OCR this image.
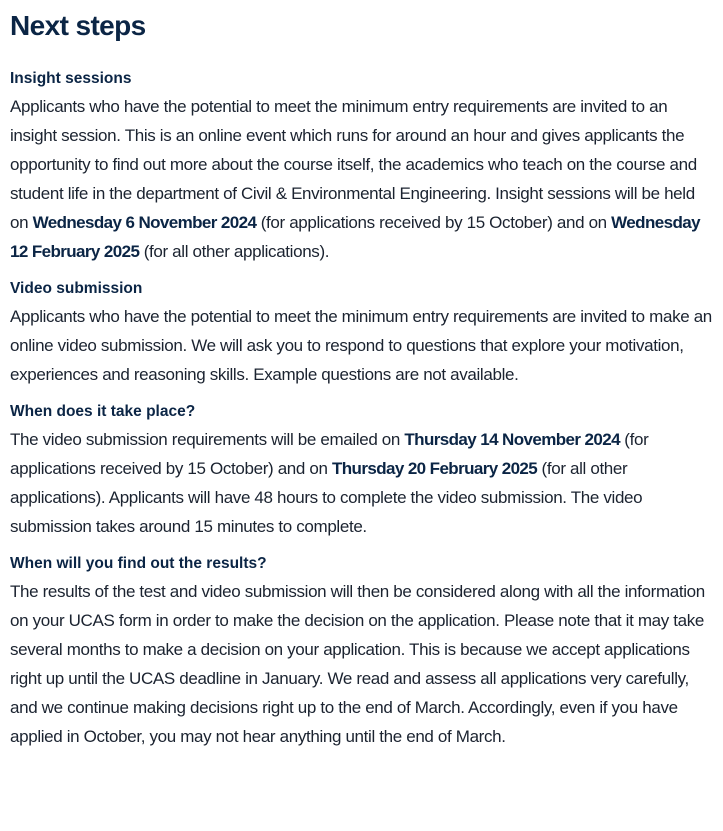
Next steps
Insight sessions

Applicants who have the potential to meet the minimum entry requirements are invited to an insight session. This is an online event which runs for around an hour and gives applicants the opportunity to find out more about the course itself, the academics who teach on the course and student life in the department of Civil & Environmental Engineering. Insight sessions will be held on Wednesday 6 November 2024 (for applications received by 15 October) and on Wednesday 12 February 2025 (for all other applications).

Video submission

Applicants who have the potential to meet the minimum entry requirements are invited to make an online video submission. We will ask you to respond to questions that explore your motivation, experiences and reasoning skills. Example questions are not available.

When does it take place?

The video submission requirements will be emailed on Thursday 14 November 2024 (for applications received by 15 October) and on Thursday 20 February 2025 (for all other applications). Applicants will have 48 hours to complete the video submission. The video submission takes around 15 minutes to complete.

When will you find out the results?

The results of the test and video submission will then be considered along with all the information on your UCAS form in order to make the decision on the application. Please note that it may take several months to make a decision on your application. This is because we accept applications right up until the UCAS deadline in January. We read and assess all applications very carefully, and we continue making decisions right up to the end of March. Accordingly, even if you have applied in October, you may not hear anything until the end of March.
